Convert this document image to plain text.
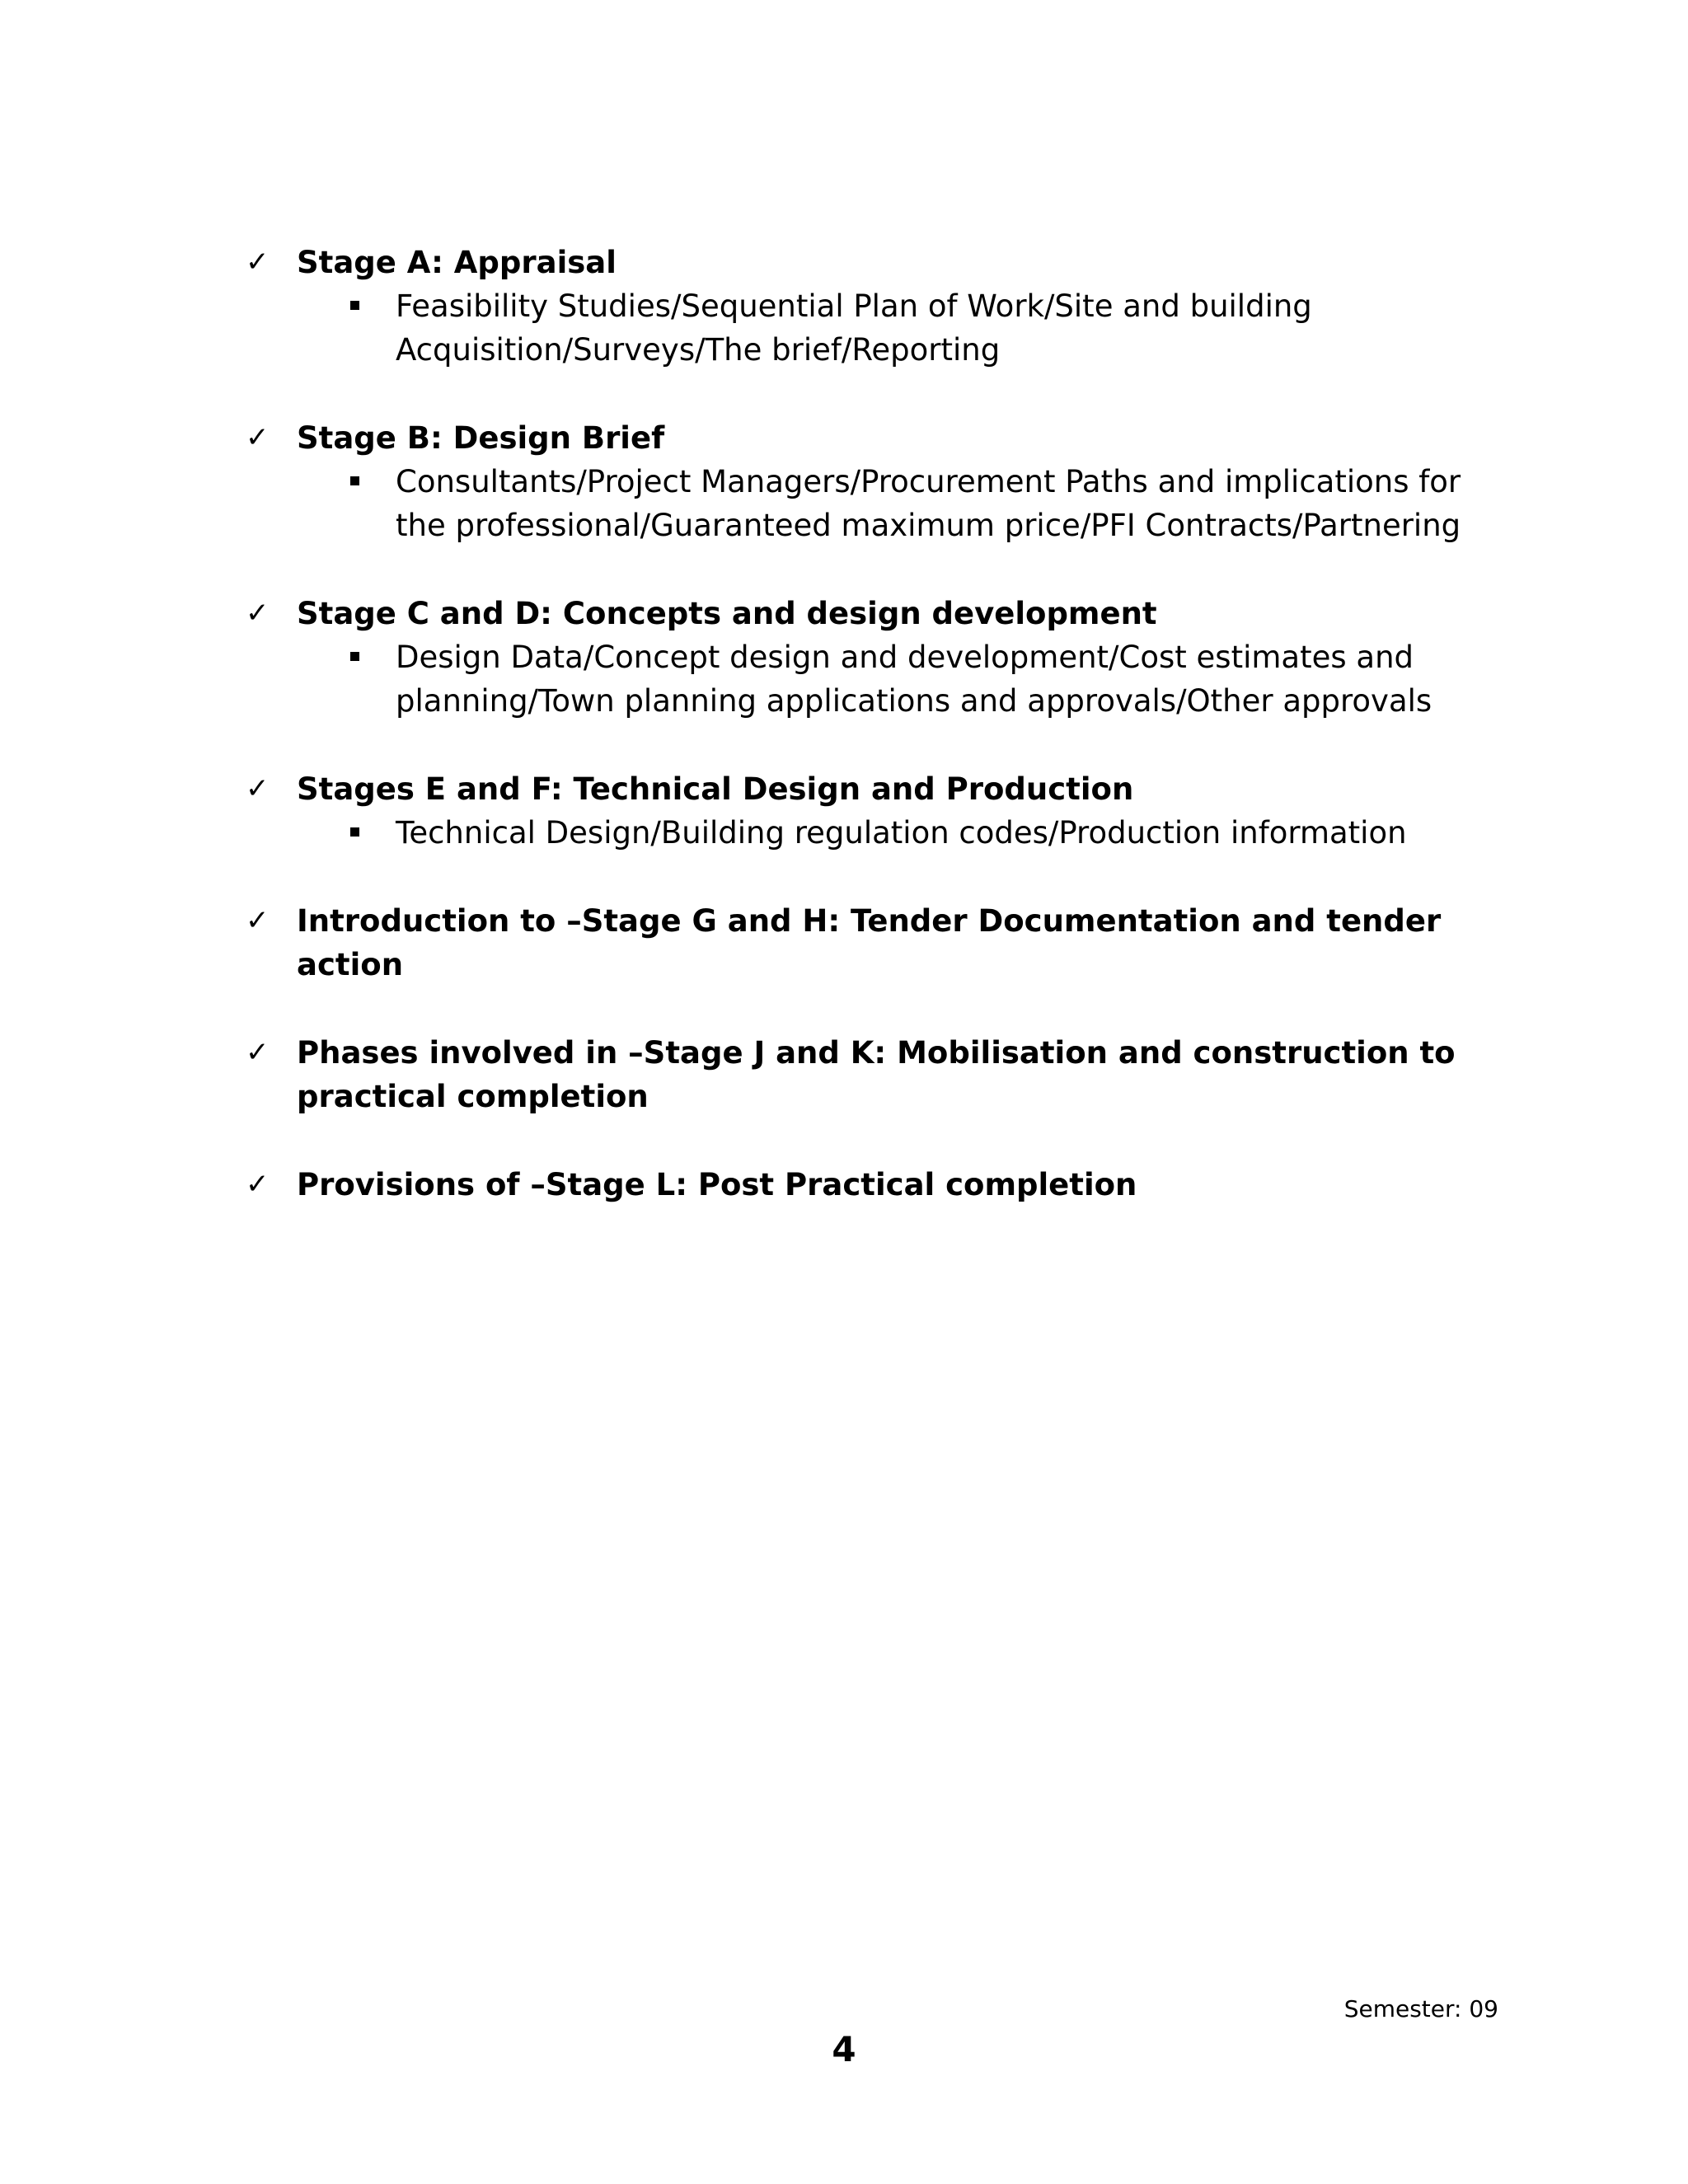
✓ Stage A: Appraisal
Feasibility Studies/Sequential Plan of Work/Site and building Acquisition/Surveys/The brief/Reporting
✓ Stage B: Design Brief
Consultants/Project Managers/Procurement Paths and implications for the professional/Guaranteed maximum price/PFI Contracts/Partnering
✓ Stage C and D: Concepts and design development
Design Data/Concept design and development/Cost estimates and planning/Town planning applications and approvals/Other approvals
✓ Stages E and F: Technical Design and Production
Technical Design/Building regulation codes/Production information
✓ Introduction to –Stage G and H: Tender Documentation and tender action
✓ Phases involved in –Stage J and K: Mobilisation and construction to practical completion
✓ Provisions of –Stage L: Post Practical completion
Semester: 09
4
